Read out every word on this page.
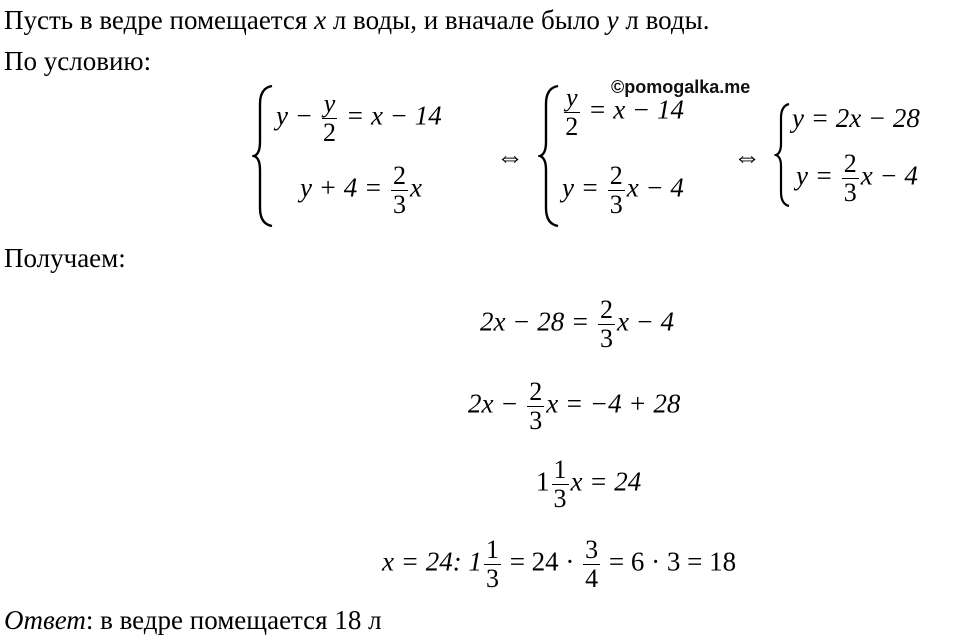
Пусть в ведре помещается x л воды, и вначале было y л воды.
По условию:
©pomogalka.me
$y - \frac{y}{2} = x - 14$
$y + 4 = \frac{2}{3}$ x
⇔
$\frac{y}{2} = x - 14$
$y = \frac{2}{3}$ x − 4
⇔
y = 2x − 28
$y = \frac{2}{3}$ x − 4
Получаем:
$2x - 28 = \frac{2}{3}$ x − 4
$2x - \frac{2}{3}$ x = −4 + 28
$1 \frac{1}{3}$ x = 24
x = 24: $1 \frac{1}{3} = 24 \cdot \frac{3}{4} = 6 \cdot 3 = 18$
Ответ: в ведре помещается 18 л
